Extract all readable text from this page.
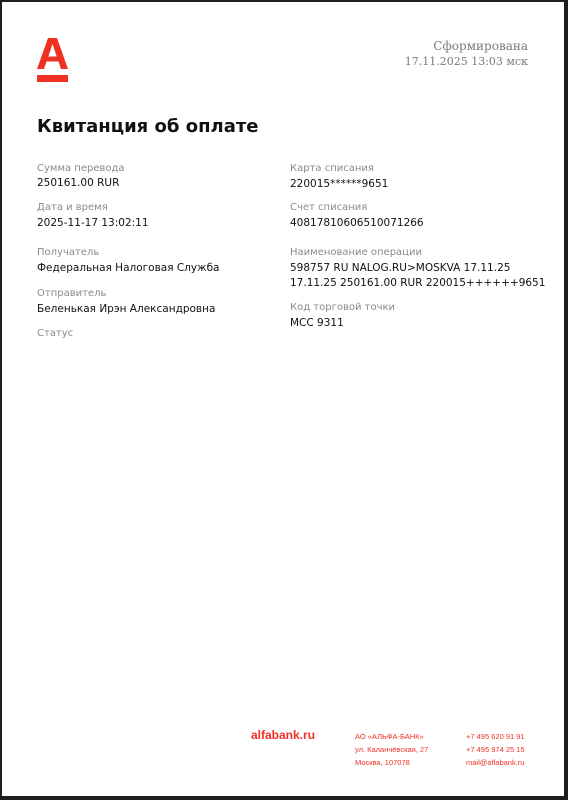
Сформирована
17.11.2025 13:03 мск
Квитанция об оплате
Сумма перевода
250161.00 RUR
Дата и время
2025-11-17 13:02:11
Получатель
Федеральная Налоговая Служба
Отправитель
Беленькая Ирэн Александровна
Статус
Карта списания
220015******9651
Счет списания
40817810606510071266
Наименование операции
598757 RU NALOG.RU>MOSKVA 17.11.25
17.11.25 250161.00 RUR 220015++++++9651
Код торговой точки
MCC 9311
alfabank.ru	АО «АЛЬФА-БАНК»
ул. Каланчёвская, 27
Москва, 107078
+7 495 620 91 91
+7 495 974 25 15
mail@alfabank.ru
